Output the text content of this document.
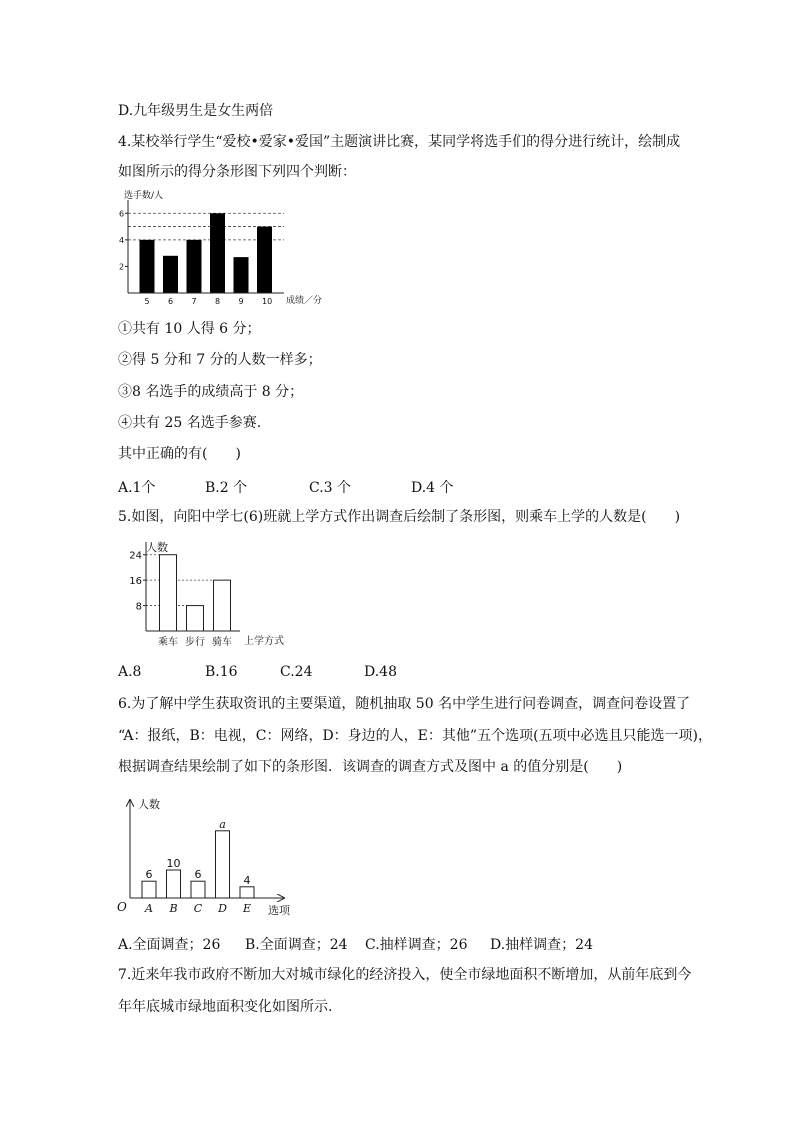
D.九年级男生是女生两倍
4.某校举行学生“爱校•爱家•爱国”主题演讲比赛，某同学将选手们的得分进行统计，绘制成
如图所示的得分条形图下列四个判断：
选手数/人
成绩／分
2
4
6
5 6 7 8 9 10
①共有 10 人得 6 分；
②得 5 分和 7 分的人数一样多；
③8 名选手的成绩高于 8 分；
④共有 25 名选手参赛.
其中正确的有(　　)
A.1个	B.2 个	C.3 个	D.4 个
5.如图，向阳中学七(6)班就上学方式作出调查后绘制了条形图，则乘车上学的人数是(　　)
人数
上学方式
8
16
24
乘车 步行 骑车
A.8	B.16	C.24	D.48
6.为了解中学生获取资讯的主要渠道，随机抽取 50 名中学生进行问卷调查，调查问卷设置了
“A：报纸，B：电视，C：网络，D：身边的人，E：其他”五个选项(五项中必选且只能选一项)，
根据调查结果绘制了如下的条形图．该调查的调查方式及图中 a 的值分别是(　　)
人数
O	选项
6
10
6
a
4
A B C D E
A.全面调查；26 B.全面调查；24 C.抽样调查；26 D.抽样调查；24
7.近来年我市政府不断加大对城市绿化的经济投入，使全市绿地面积不断增加，从前年底到今
年年底城市绿地面积变化如图所示.
